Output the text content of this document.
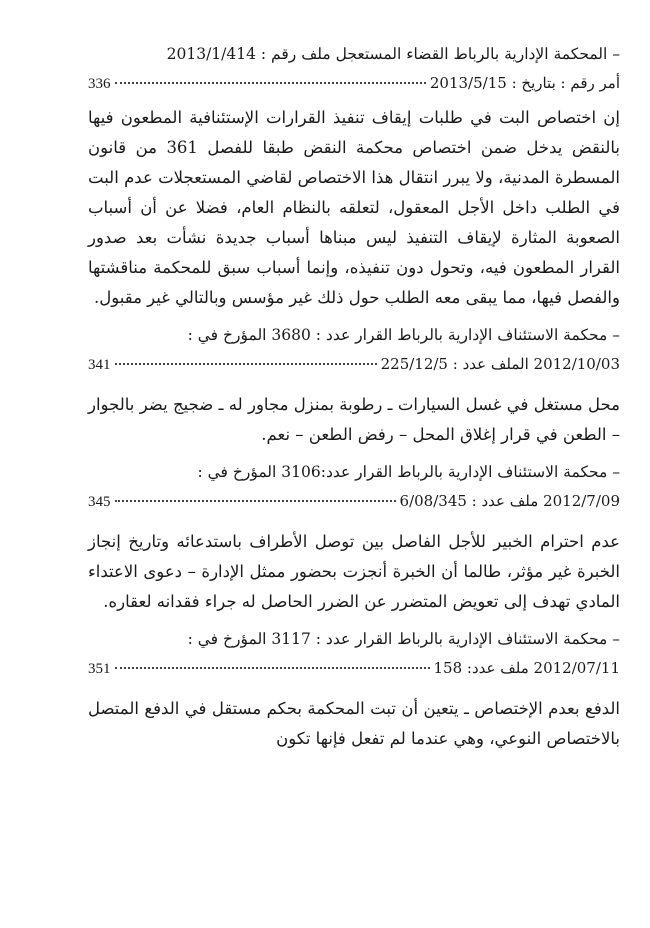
– المحكمة الإدارية بالرباط القضاء المستعجل ملف رقم : 2013/1/414

أمر رقم : بتاريخ : 2013/5/15
336

إن اختصاص البت في طلبات إيقاف تنفيذ القرارات الإستئنافية المطعون فيها بالنقض يدخل ضمن اختصاص محكمة النقض طبقا للفصل 361 من قانون المسطرة المدنية، ولا يبرر انتقال هذا الاختصاص لقاضي المستعجلات عدم البت في الطلب داخل الأجل المعقول، لتعلقه بالنظام العام، فضلا عن أن أسباب الصعوبة المثارة لإيقاف التنفيذ ليس مبناها أسباب جديدة نشأت بعد صدور القرار المطعون فيه، وتحول دون تنفيذه، وإنما أسباب سبق للمحكمة مناقشتها والفصل فيها، مما يبقى معه الطلب حول ذلك غير مؤسس وبالتالي غير مقبول.

– محكمة الاستئناف الإدارية بالرباط القرار عدد : 3680 المؤرخ في :

2012/10/03 الملف عدد : 225/12/5
341

محل مستغل في غسل السيارات ـ رطوبة بمنزل مجاور له ـ ضجيج يضر بالجوار – الطعن في قرار إغلاق المحل – رفض الطعن – نعم.

– محكمة الاستئناف الإدارية بالرباط القرار عدد:3106 المؤرخ في :

2012/7/09 ملف عدد : 6/08/345
345

عدم احترام الخبير للأجل الفاصل بين توصل الأطراف باستدعائه وتاريخ إنجاز الخبرة غير مؤثر، طالما أن الخبرة أنجزت بحضور ممثل الإدارة – دعوى الاعتداء المادي تهدف إلى تعويض المتضرر عن الضرر الحاصل له جراء فقدانه لعقاره.

– محكمة الاستئناف الإدارية بالرباط القرار عدد : 3117 المؤرخ في :

2012/07/11 ملف عدد: 158
351

الدفع بعدم الإختصاص ـ يتعين أن تبت المحكمة بحكم مستقل في الدفع المتصل بالاختصاص النوعي، وهي عندما لم تفعل فإنها تكون
